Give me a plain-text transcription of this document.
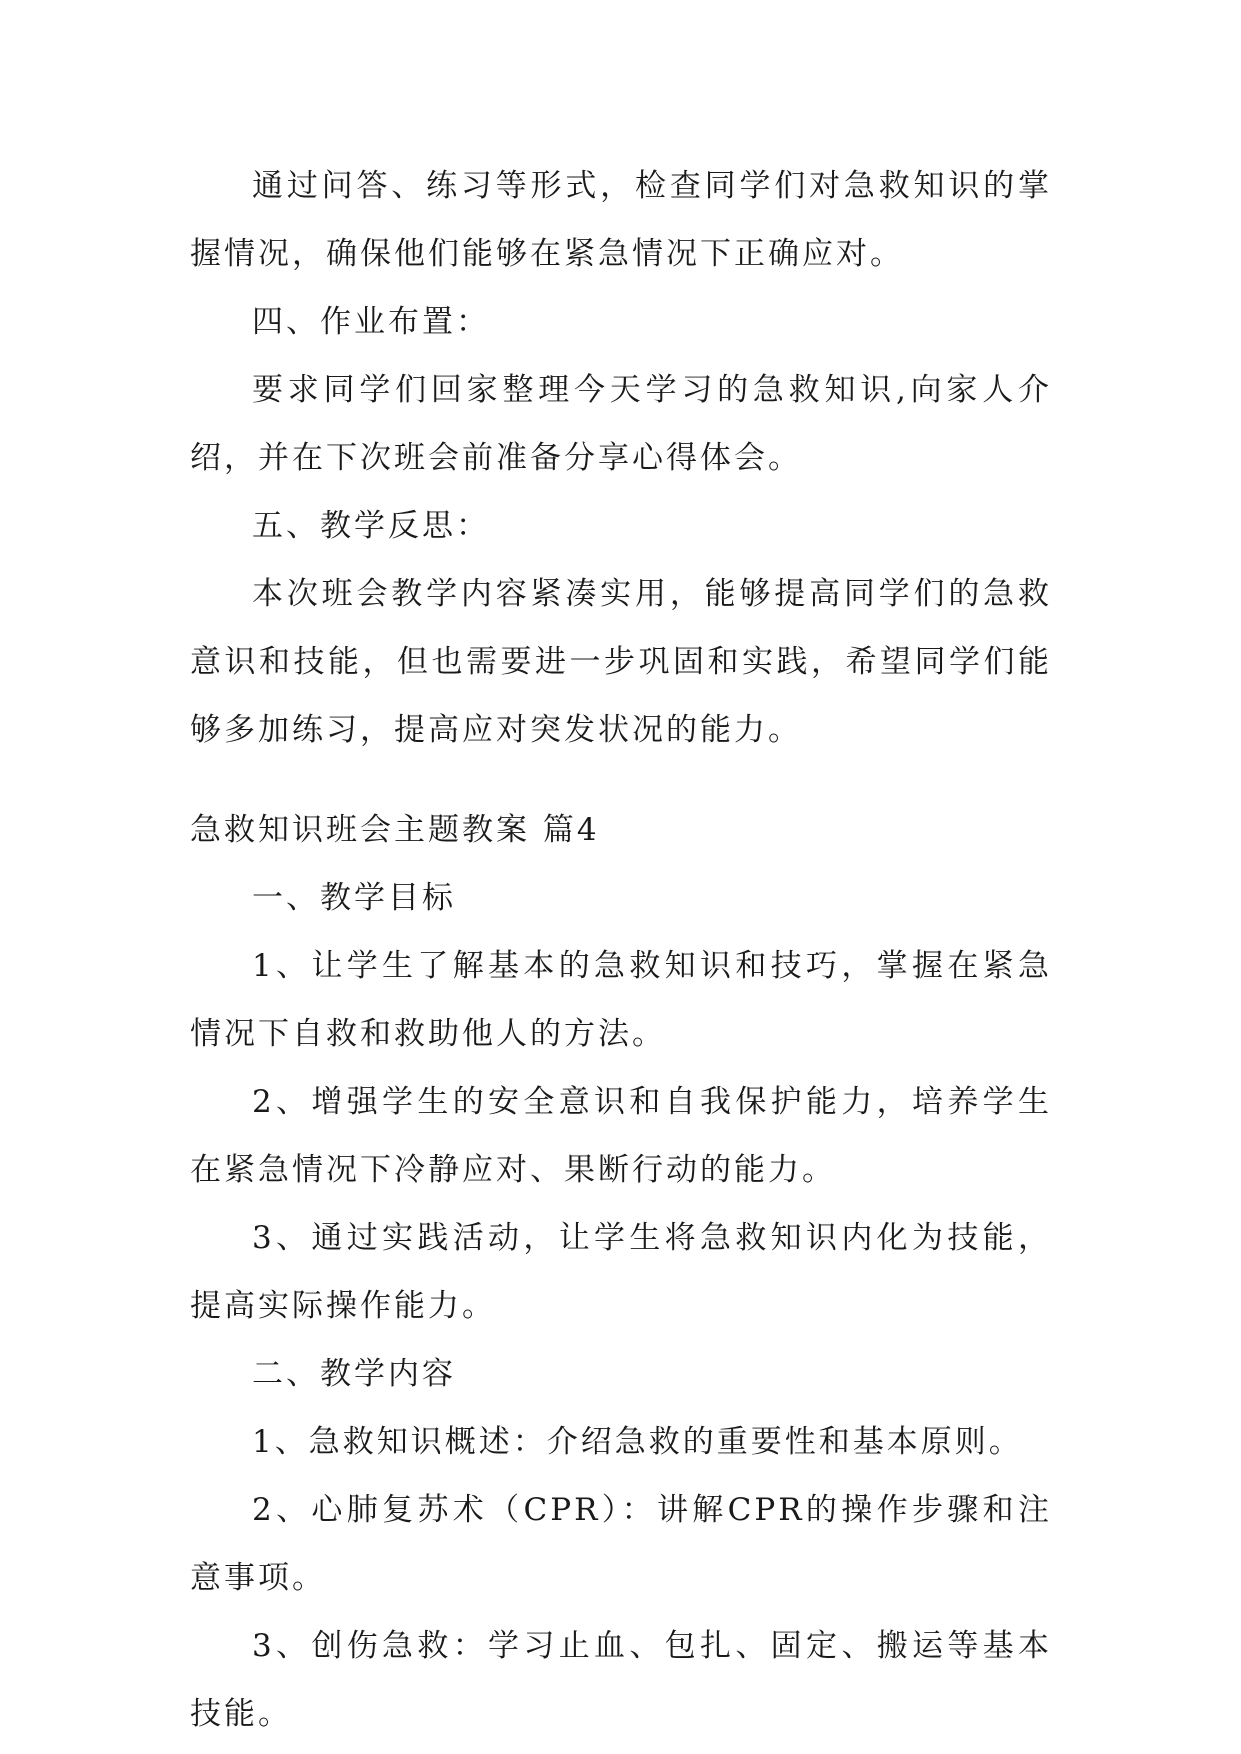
通过问答、练习等形式，检查同学们对急救知识的掌握情况，确保他们能够在紧急情况下正确应对。

四、作业布置：

要求同学们回家整理今天学习的急救知识,向家人介绍，并在下次班会前准备分享心得体会。

五、教学反思：

本次班会教学内容紧凑实用，能够提高同学们的急救意识和技能，但也需要进一步巩固和实践，希望同学们能够多加练习，提高应对突发状况的能力。

急救知识班会主题教案 篇4

一、教学目标

1、让学生了解基本的急救知识和技巧，掌握在紧急情况下自救和救助他人的方法。

2、增强学生的安全意识和自我保护能力，培养学生在紧急情况下冷静应对、果断行动的能力。

3、通过实践活动，让学生将急救知识内化为技能，提高实际操作能力。

二、教学内容

1、急救知识概述：介绍急救的重要性和基本原则。

2、心肺复苏术（CPR）：讲解CPR的操作步骤和注意事项。

3、创伤急救：学习止血、包扎、固定、搬运等基本技能。
